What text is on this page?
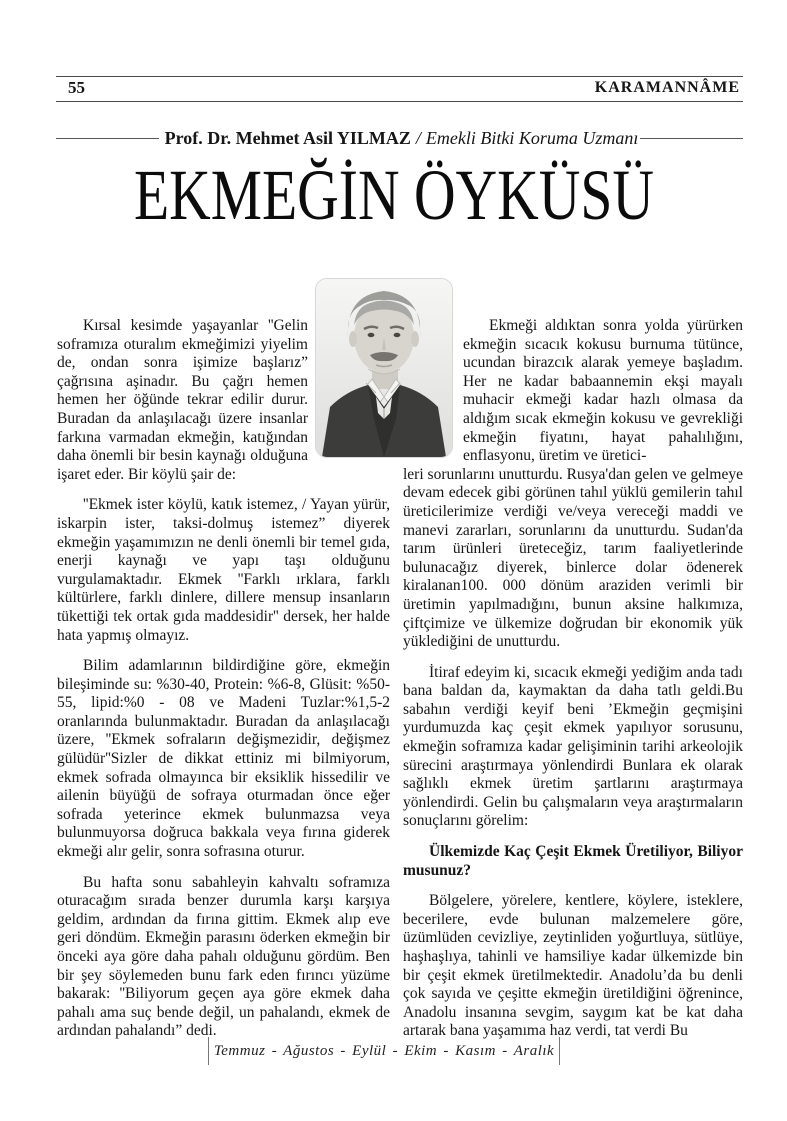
55	KARAMANNÂME
Prof. Dr. Mehmet Asil YILMAZ / Emekli Bitki Koruma Uzmanı
EKMEĞİN ÖYKÜSÜ

Kırsal kesimde yaşayanlar ''Gelin soframıza oturalım ekmeğimizi yiyelim de, ondan sonra işimize başlarız” çağrısına aşinadır. Bu çağrı hemen hemen her öğünde tekrar edilir durur. Buradan da anlaşılacağı üzere insanlar farkına varmadan ekmeğin, katığından daha önemli bir besin kaynağı olduğuna işaret eder. Bir köylü şair de:

''Ekmek ister köylü, katık istemez, / Yayan yürür, iskarpin ister, taksi-dolmuş istemez” diyerek ekmeğin yaşamımızın ne denli önemli bir temel gıda, enerji kaynağı ve yapı taşı olduğunu vurgulamaktadır. Ekmek ''Farklı ırklara, farklı kültürlere, farklı dinlere, dillere mensup insanların tükettiği tek ortak gıda maddesidir'' dersek, her halde hata yapmış olmayız.

Bilim adamlarının bildirdiğine göre, ekmeğin bileşiminde su: %30-40, Protein: %6-8, Glüsit: %50-55, lipid:%0 - 08 ve Madeni Tuzlar:%1,5-2 oranlarında bulunmaktadır. Buradan da anlaşılacağı üzere, ''Ekmek sofraların değişmezidir, değişmez gülüdür''Sizler de dikkat ettiniz mi bilmiyorum, ekmek sofrada olmayınca bir eksiklik hissedilir ve ailenin büyüğü de sofraya oturmadan önce eğer sofrada yeterince ekmek bulunmazsa veya bulunmuyorsa doğruca bakkala veya fırına giderek ekmeği alır gelir, sonra sofrasına oturur.

Bu hafta sonu sabahleyin kahvaltı soframıza oturacağım sırada benzer durumla karşı karşıya geldim, ardından da fırına gittim. Ekmek alıp eve geri döndüm. Ekmeğin parasını öderken ekmeğin bir önceki aya göre daha pahalı olduğunu gördüm. Ben bir şey söylemeden bunu fark eden fırıncı yüzüme bakarak: ''Biliyorum geçen aya göre ekmek daha pahalı ama suç bende değil, un pahalandı, ekmek de ardından pahalandı” dedi.

Ekmeği aldıktan sonra yolda yürürken ekmeğin sıcacık kokusu burnuma tütünce, ucundan birazcık alarak yemeye başladım. Her ne kadar babaannemin ekşi mayalı muhacir ekmeği kadar hazlı olmasa da aldığım sıcak ekmeğin kokusu ve gevrekliği ekmeğin fiyatını, hayat pahalılığını, enflasyonu, üretim ve üretici-

leri sorunlarını unutturdu. Rusya'dan gelen ve gelmeye devam edecek gibi görünen tahıl yüklü gemilerin tahıl üreticilerimize verdiği ve/veya vereceği maddi ve manevi zararları, sorunlarını da unutturdu. Sudan'da tarım ürünleri üreteceğiz, tarım faaliyetlerinde bulunacağız diyerek, binlerce dolar ödenerek kiralanan100. 000 dönüm araziden verimli bir üretimin yapılmadığını, bunun aksine halkımıza, çiftçimize ve ülkemize doğrudan bir ekonomik yük yüklediğini de unutturdu.

İtiraf edeyim ki, sıcacık ekmeği yediğim anda tadı bana baldan da, kaymaktan da daha tatlı geldi.Bu sabahın verdiği keyif beni ’Ekmeğin geçmişini yurdumuzda kaç çeşit ekmek yapılıyor sorusunu, ekmeğin soframıza kadar gelişiminin tarihi arkeolojik sürecini araştırmaya yönlendirdi Bunlara ek olarak sağlıklı ekmek üretim şartlarını araştırmaya yönlendirdi. Gelin bu çalışmaların veya araştırmaların sonuçlarını görelim:

Ülkemizde Kaç Çeşit Ekmek Üretiliyor, Biliyor musunuz?

Bölgelere, yörelere, kentlere, köylere, isteklere, becerilere, evde bulunan malzemelere göre, üzümlüden cevizliye, zeytinliden yoğurtluya, sütlüye, haşhaşlıya, tahinli ve hamsiliye kadar ülkemizde bin bir çeşit ekmek üretilmektedir. Anadolu’da bu denli çok sayıda ve çeşitte ekmeğin üretildiğini öğrenince, Anadolu insanına sevgim, saygım kat be kat daha artarak bana yaşamıma haz verdi, tat verdi Bu

Temmuz - Ağustos - Eylül - Ekim - Kasım - Aralık
